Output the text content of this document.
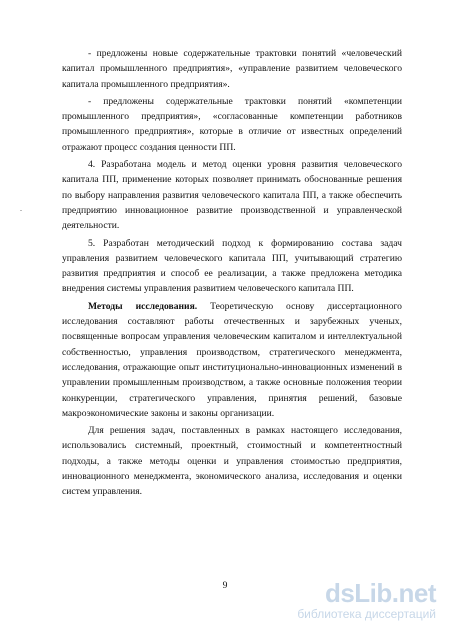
- предложены новые содержательные трактовки понятий «человеческий капитал промышленного предприятия», «управление развитием человеческого капитала промышленного предприятия».

- предложены содержательные трактовки понятий «компетенции промышленного предприятия», «согласованные компетенции работников промышленного предприятия», которые в отличие от известных определений отражают процесс создания ценности ПП.

4. Разработана модель и метод оценки уровня развития человеческого капитала ПП, применение которых позволяет принимать обоснованные решения по выбору направления развития человеческого капитала ПП, а также обеспечить предприятию инновационное развитие производственной и управленческой деятельности.

5. Разработан методический подход к формированию состава задач управления развитием человеческого капитала ПП, учитывающий стратегию развития предприятия и способ ее реализации, а также предложена методика внедрения системы управления развитием человеческого капитала ПП.

Методы исследования. Теоретическую основу диссертационного исследования составляют работы отечественных и зарубежных ученых, посвященные вопросам управления человеческим капиталом и интеллектуальной собственностью, управления производством, стратегического менеджмента, исследования, отражающие опыт институционально-инновационных изменений в управлении промышленным производством, а также основные положения теории конкуренции, стратегического управления, принятия решений, базовые макроэкономические законы и законы организации.

Для решения задач, поставленных в рамках настоящего исследования, использовались системный, проектный, стоимостный и компетентностный подходы, а также методы оценки и управления стоимостью предприятия, инновационного менеджмента, экономического анализа, исследования и оценки систем управления.

.
9	dsLib.net
библиотека диссертаций
